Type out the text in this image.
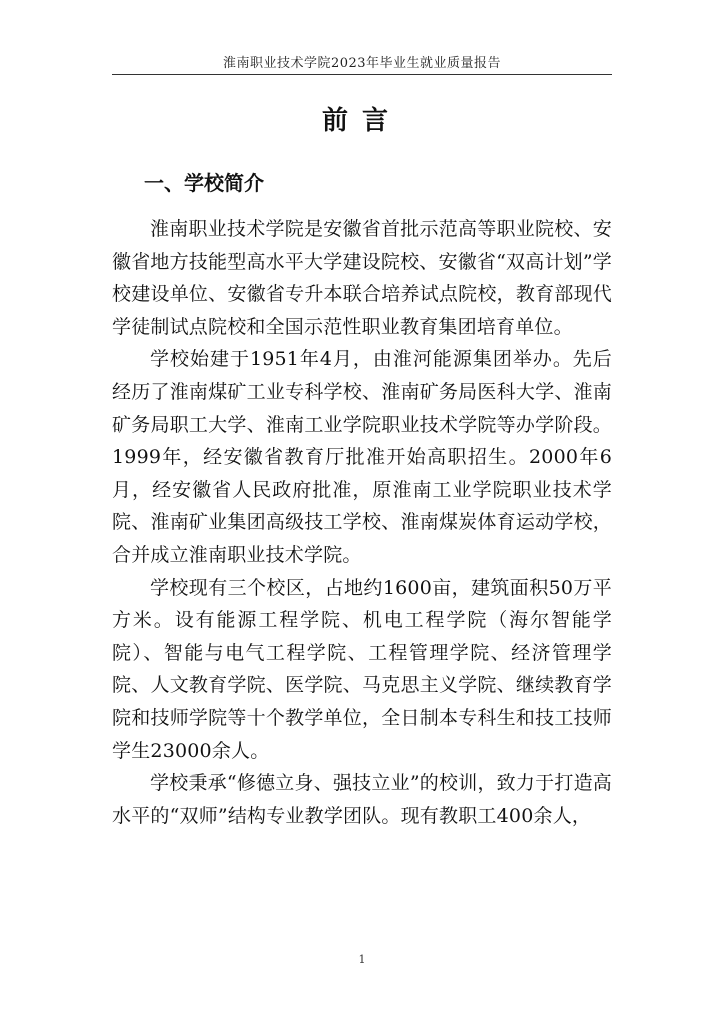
淮南职业技术学院2023年毕业生就业质量报告
前言
一、学校简介

淮南职业技术学院是安徽省首批示范高等职业院校、安徽省地方技能型高水平大学建设院校、安徽省“双高计划”学校建设单位、安徽省专升本联合培养试点院校，教育部现代学徒制试点院校和全国示范性职业教育集团培育单位。

学校始建于1951年4月，由淮河能源集团举办。先后经历了淮南煤矿工业专科学校、淮南矿务局医科大学、淮南矿务局职工大学、淮南工业学院职业技术学院等办学阶段。1999年，经安徽省教育厅批准开始高职招生。2000年6月，经安徽省人民政府批准，原淮南工业学院职业技术学院、淮南矿业集团高级技工学校、淮南煤炭体育运动学校，合并成立淮南职业技术学院。

学校现有三个校区，占地约1600亩，建筑面积50万平方米。设有能源工程学院、机电工程学院（海尔智能学院）、智能与电气工程学院、工程管理学院、经济管理学院、人文教育学院、医学院、马克思主义学院、继续教育学院和技师学院等十个教学单位，全日制本专科生和技工技师学生23000余人。

学校秉承“修德立身、强技立业”的校训，致力于打造高水平的“双师”结构专业教学团队。现有教职工400余人，

1
